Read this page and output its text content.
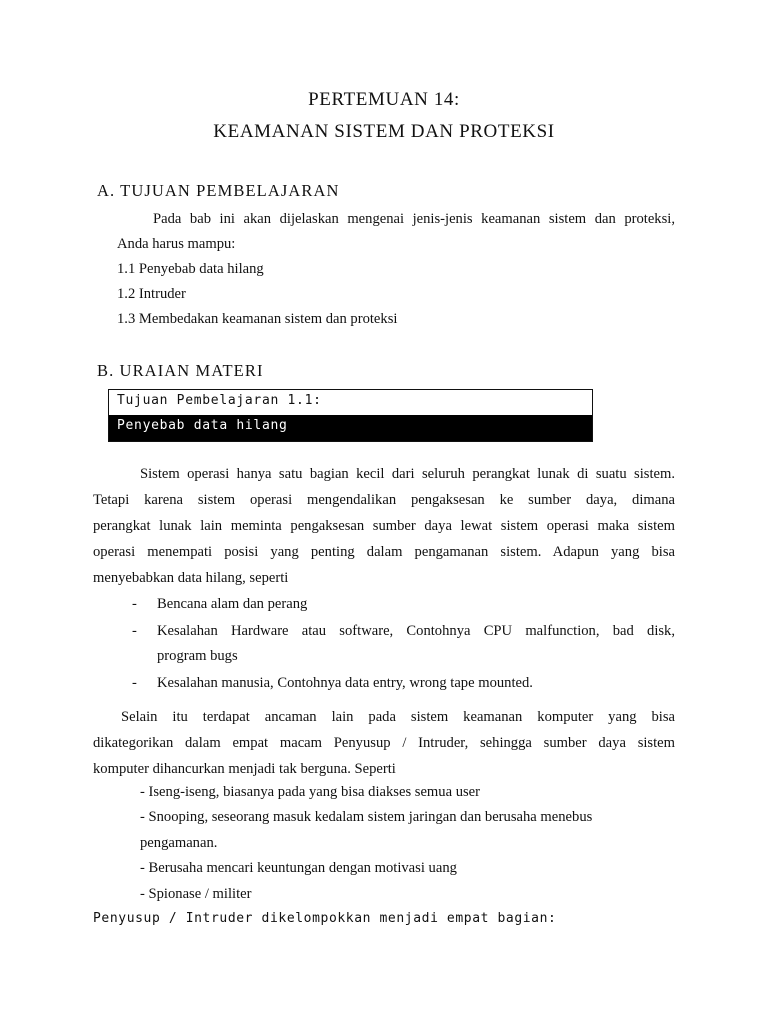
PERTEMUAN 14:
KEAMANAN SISTEM DAN PROTEKSI
A. TUJUAN PEMBELAJARAN
Pada bab ini akan dijelaskan mengenai jenis-jenis keamanan sistem dan proteksi,
Anda harus mampu:
1.1 Penyebab data hilang
1.2 Intruder
1.3 Membedakan keamanan sistem dan proteksi
B. URAIAN MATERI
Tujuan Pembelajaran 1.1:
Penyebab data hilang
Sistem operasi hanya satu bagian kecil dari seluruh perangkat lunak di suatu sistem.
Tetapi karena sistem operasi mengendalikan pengaksesan ke sumber daya, dimana
perangkat lunak lain meminta pengaksesan sumber daya lewat sistem operasi maka sistem
operasi menempati posisi yang penting dalam pengamanan sistem. Adapun yang bisa
menyebabkan data hilang, seperti
- Bencana alam dan perang
- Kesalahan Hardware atau software, Contohnya CPU malfunction, bad disk,
program bugs
- Kesalahan manusia, Contohnya data entry, wrong tape mounted.
Selain itu terdapat ancaman lain pada sistem keamanan komputer yang bisa
dikategorikan dalam empat macam Penyusup / Intruder, sehingga sumber daya sistem
komputer dihancurkan menjadi tak berguna. Seperti
- Iseng-iseng, biasanya pada yang bisa diakses semua user
- Snooping, seseorang masuk kedalam sistem jaringan dan berusaha menebus
pengamanan.
- Berusaha mencari keuntungan dengan motivasi uang
- Spionase / militer
Penyusup / Intruder dikelompokkan menjadi empat bagian:
